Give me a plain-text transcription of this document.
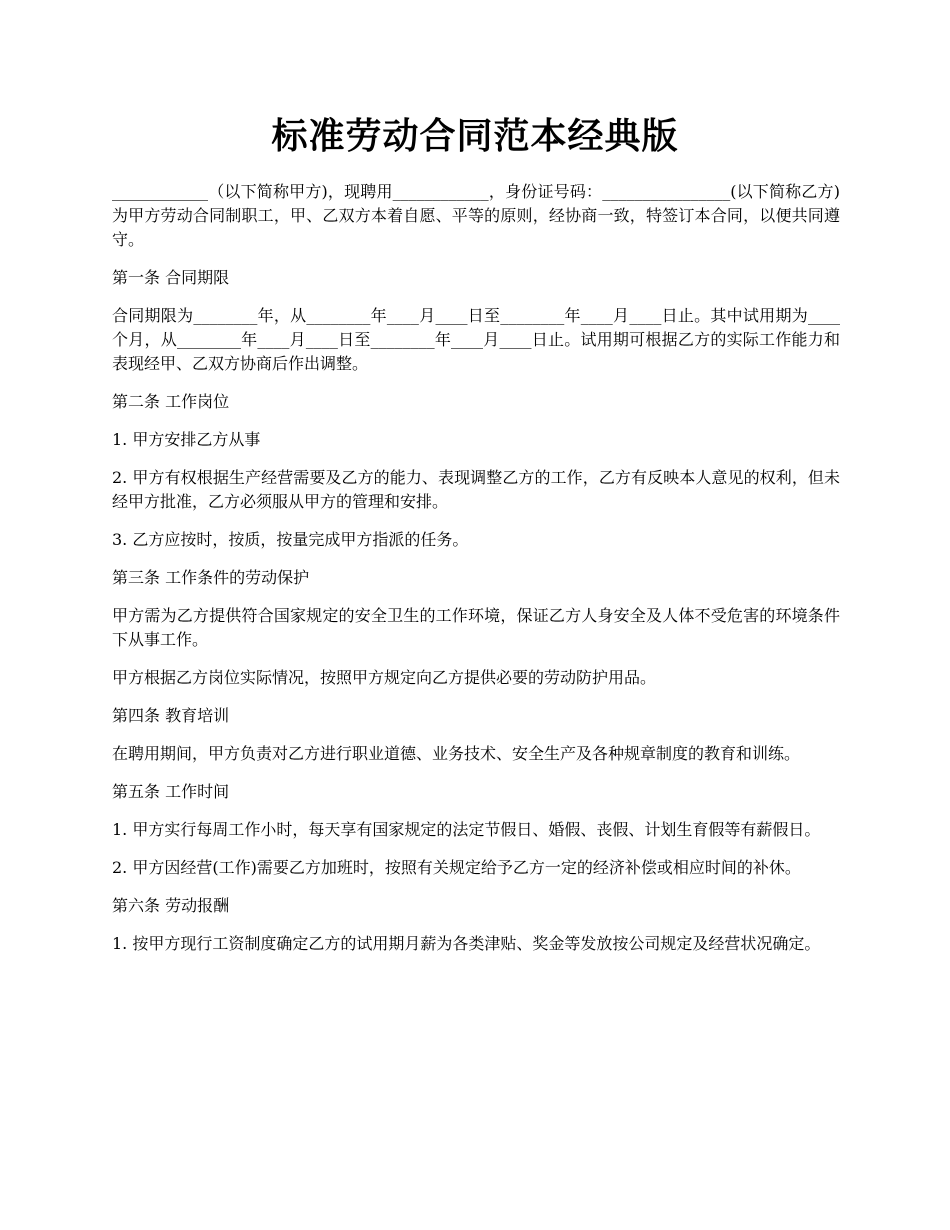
标准劳动合同范本经典版

____________（以下简称甲方)，现聘用____________，身份证号码：________________(以下简称乙方)为甲方劳动合同制职工，甲、乙双方本着自愿、平等的原则，经协商一致，特签订本合同，以便共同遵守。

第一条 合同期限

合同期限为________年，从________年____月____日至________年____月____日止。其中试用期为____个月，从________年____月____日至________年____月____日止。试用期可根据乙方的实际工作能力和表现经甲、乙双方协商后作出调整。

第二条 工作岗位

1. 甲方安排乙方从事

2. 甲方有权根据生产经营需要及乙方的能力、表现调整乙方的工作，乙方有反映本人意见的权利，但未经甲方批准，乙方必须服从甲方的管理和安排。

3. 乙方应按时，按质，按量完成甲方指派的任务。

第三条 工作条件的劳动保护

甲方需为乙方提供符合国家规定的安全卫生的工作环境，保证乙方人身安全及人体不受危害的环境条件下从事工作。

甲方根据乙方岗位实际情况，按照甲方规定向乙方提供必要的劳动防护用品。

第四条 教育培训

在聘用期间，甲方负责对乙方进行职业道德、业务技术、安全生产及各种规章制度的教育和训练。

第五条 工作时间

1. 甲方实行每周工作小时，每天享有国家规定的法定节假日、婚假、丧假、计划生育假等有薪假日。

2. 甲方因经营(工作)需要乙方加班时，按照有关规定给予乙方一定的经济补偿或相应时间的补休。

第六条 劳动报酬

1. 按甲方现行工资制度确定乙方的试用期月薪为各类津贴、奖金等发放按公司规定及经营状况确定。
